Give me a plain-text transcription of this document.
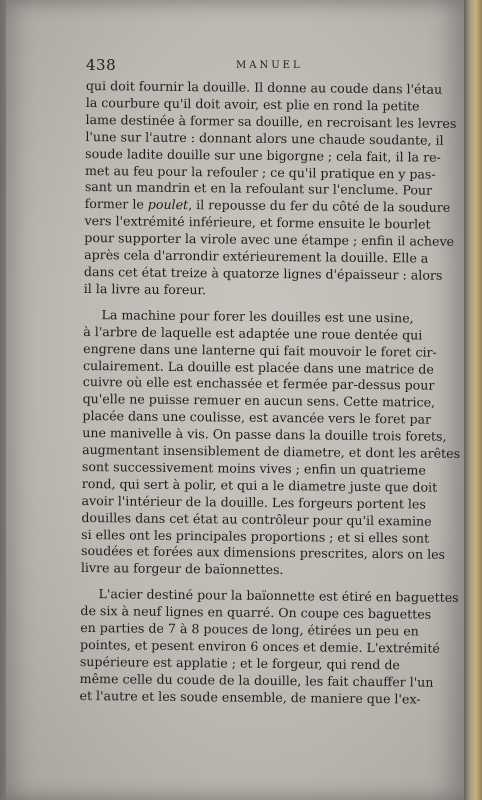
438	MANUEL
qui doit fournir la douille. Il donne au coude dans l'étau
la courbure qu'il doit avoir, est plie en rond la petite
lame destinée à former sa douille, en recroisant les levres
l'une sur l'autre : donnant alors une chaude soudante, il
soude ladite douille sur une bigorgne ; cela fait, il la re-
met au feu pour la refouler ; ce qu'il pratique en y pas-
sant un mandrin et en la refoulant sur l'enclume. Pour
former le poulet, il repousse du fer du côté de la soudure
vers l'extrémité inférieure, et forme ensuite le bourlet
pour supporter la virole avec une étampe ; enfin il acheve
après cela d'arrondir extérieurement la douille. Elle a
dans cet état treize à quatorze lignes d'épaisseur : alors
il la livre au foreur.
La machine pour forer les douilles est une usine,
à l'arbre de laquelle est adaptée une roue dentée qui
engrene dans une lanterne qui fait mouvoir le foret cir-
culairement. La douille est placée dans une matrice de
cuivre où elle est enchassée et fermée par-dessus pour
qu'elle ne puisse remuer en aucun sens. Cette matrice,
placée dans une coulisse, est avancée vers le foret par
une manivelle à vis. On passe dans la douille trois forets,
augmentant insensiblement de diametre, et dont les arêtes
sont successivement moins vives ; enfin un quatrieme
rond, qui sert à polir, et qui a le diametre juste que doit
avoir l'intérieur de la douille. Les forgeurs portent les
douilles dans cet état au contrôleur pour qu'il examine
si elles ont les principales proportions ; et si elles sont
soudées et forées aux dimensions prescrites, alors on les
livre au forgeur de baïonnettes.
L'acier destiné pour la baïonnette est étiré en baguettes
de six à neuf lignes en quarré. On coupe ces baguettes
en parties de 7 à 8 pouces de long, étirées un peu en
pointes, et pesent environ 6 onces et demie. L'extrémité
supérieure est applatie ; et le forgeur, qui rend de
même celle du coude de la douille, les fait chauffer l'un
et l'autre et les soude ensemble, de maniere que l'ex-
